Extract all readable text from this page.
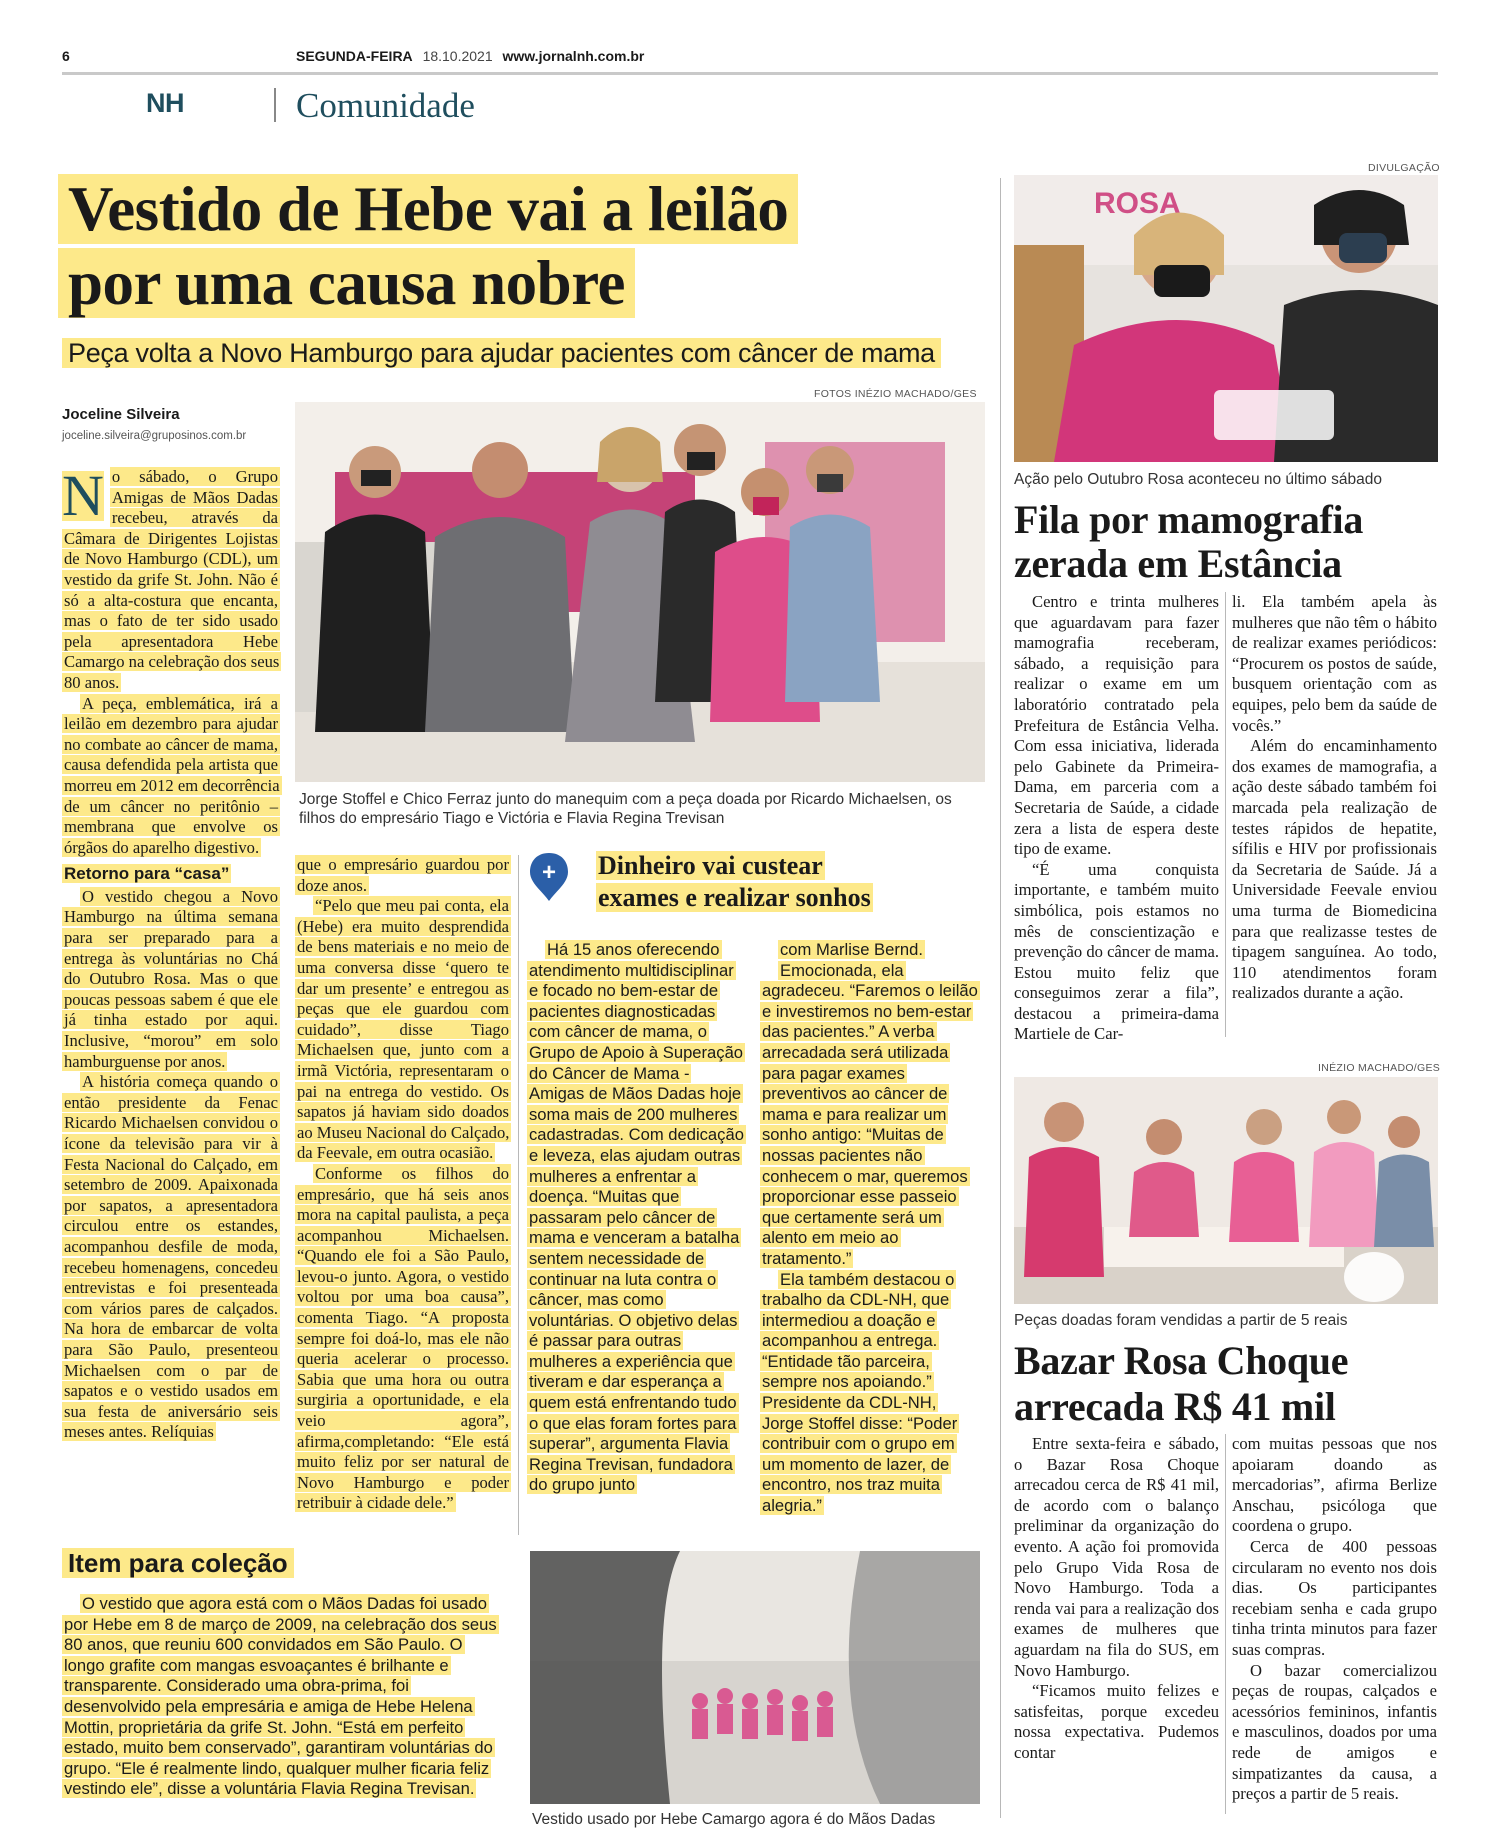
6	SEGUNDA-FEIRA 18.10.2021 www.jornalnh.com.br
NH	Comunidade
Vestido de Hebe vai a leilão
por uma causa nobre
Peça volta a Novo Hamburgo para ajudar pacientes com câncer de mama
FOTOS INÉZIO MACHADO/GES
Joceline Silveira
joceline.silveira@gruposinos.com.br
Jorge Stoffel e Chico Ferraz junto do manequim com a peça doada por Ricardo Michaelsen, os filhos do empresário Tiago e Victória e Flavia Regina Trevisan

N o sábado, o Grupo Amigas de Mãos Dadas recebeu, através da Câmara de Dirigentes Lojistas de Novo Hamburgo (CDL), um vestido da grife St. John. Não é só a alta-costura que encanta, mas o fato de ter sido usado pela apresentadora Hebe Camargo na celebração dos seus 80 anos.

A peça, emblemática, irá a leilão em dezembro para ajudar no combate ao câncer de mama, causa defendida pela artista que morreu em 2012 em decorrência de um câncer no peritônio – membrana que envolve os órgãos do aparelho digestivo.

Retorno para “casa”

O vestido chegou a Novo Hamburgo na última semana para ser preparado para a entrega às voluntárias no Chá do Outubro Rosa. Mas o que poucas pessoas sabem é que ele já tinha estado por aqui. Inclusive, “morou” em solo hamburguense por anos.

A história começa quando o então presidente da Fenac Ricardo Michaelsen convidou o ícone da televisão para vir à Festa Nacional do Calçado, em setembro de 2009. Apaixonada por sapatos, a apresentadora circulou entre os estandes, acompanhou desfile de moda, recebeu homenagens, concedeu entrevistas e foi presenteada com vários pares de calçados. Na hora de embarcar de volta para São Paulo, presenteou Michaelsen com o par de sapatos e o vestido usados em sua festa de aniversário seis meses antes. Relíquias

que o empresário guardou por doze anos.

“Pelo que meu pai conta, ela (Hebe) era muito desprendida de bens materiais e no meio de uma conversa disse ‘quero te dar um presente’ e entregou as peças que ele guardou com cuidado”, disse Tiago Michaelsen que, junto com a irmã Victória, representaram o pai na entrega do vestido. Os sapatos já haviam sido doados ao Museu Nacional do Calçado, da Feevale, em outra ocasião.

Conforme os filhos do empresário, que há seis anos mora na capital paulista, a peça acompanhou Michaelsen. “Quando ele foi a São Paulo, levou-o junto. Agora, o vestido voltou por uma boa causa”, comenta Tiago. “A proposta sempre foi doá-lo, mas ele não queria acelerar o processo. Sabia que uma hora ou outra surgiria a oportunidade, e ela veio agora”, afirma,completando: “Ele está muito feliz por ser natural de Novo Hamburgo e poder retribuir à cidade dele.”

+ Dinheiro vai custear
exames e realizar sonhos

Há 15 anos oferecendo atendimento multidisciplinar e focado no bem-estar de pacientes diagnosticadas com câncer de mama, o Grupo de Apoio à Superação do Câncer de Mama - Amigas de Mãos Dadas hoje soma mais de 200 mulheres cadastradas. Com dedicação e leveza, elas ajudam outras mulheres a enfrentar a doença. “Muitas que passaram pelo câncer de mama e venceram a batalha sentem necessidade de continuar na luta contra o câncer, mas como voluntárias. O objetivo delas é passar para outras mulheres a experiência que tiveram e dar esperança a quem está enfrentando tudo o que elas foram fortes para superar”, argumenta Flavia Regina Trevisan, fundadora do grupo junto

com Marlise Bernd.

Emocionada, ela agradeceu. “Faremos o leilão e investiremos no bem-estar das pacientes.” A verba arrecadada será utilizada para pagar exames preventivos ao câncer de mama e para realizar um sonho antigo: “Muitas de nossas pacientes não conhecem o mar, queremos proporcionar esse passeio que certamente será um alento em meio ao tratamento.”

Ela também destacou o trabalho da CDL-NH, que intermediou a doação e acompanhou a entrega. “Entidade tão parceira, sempre nos apoiando.” Presidente da CDL-NH, Jorge Stoffel disse: “Poder contribuir com o grupo em um momento de lazer, de encontro, nos traz muita alegria.”

Item para coleção

O vestido que agora está com o Mãos Dadas foi usado por Hebe em 8 de março de 2009, na celebração dos seus 80 anos, que reuniu 600 convidados em São Paulo. O longo grafite com mangas esvoaçantes é brilhante e transparente. Considerado uma obra-prima, foi desenvolvido pela empresária e amiga de Hebe Helena Mottin, proprietária da grife St. John. “Está em perfeito estado, muito bem conservado”, garantiram voluntárias do grupo. “Ele é realmente lindo, qualquer mulher ficaria feliz vestindo ele”, disse a voluntária Flavia Regina Trevisan.

Vestido usado por Hebe Camargo agora é do Mãos Dadas
DIVULGAÇÃO
ROSA
Ação pelo Outubro Rosa aconteceu no último sábado
Fila por mamografia
zerada em Estância

Centro e trinta mulheres que aguardavam para fazer mamografia receberam, sábado, a requisição para realizar o exame em um laboratório contratado pela Prefeitura de Estância Velha. Com essa iniciativa, liderada pelo Gabinete da Primeira-Dama, em parceria com a Secretaria de Saúde, a cidade zera a lista de espera deste tipo de exame.

“É uma conquista importante, e também muito simbólica, pois estamos no mês de conscientização e prevenção do câncer de mama. Estou muito feliz que conseguimos zerar a fila”, destacou a primeira-dama Martiele de Car-

li. Ela também apela às mulheres que não têm o hábito de realizar exames periódicos: “Procurem os postos de saúde, busquem orientação com as equipes, pelo bem da saúde de vocês.”

Além do encaminhamento dos exames de mamografia, a ação deste sábado também foi marcada pela realização de testes rápidos de hepatite, sífilis e HIV por profissionais da Secretaria de Saúde. Já a Universidade Feevale enviou uma turma de Biomedicina para que realizasse testes de tipagem sanguínea. Ao todo, 110 atendimentos foram realizados durante a ação.

INÉZIO MACHADO/GES
Peças doadas foram vendidas a partir de 5 reais
Bazar Rosa Choque
arrecada R$ 41 mil

Entre sexta-feira e sábado, o Bazar Rosa Choque arrecadou cerca de R$ 41 mil, de acordo com o balanço preliminar da organização do evento. A ação foi promovida pelo Grupo Vida Rosa de Novo Hamburgo. Toda a renda vai para a realização dos exames de mulheres que aguardam na fila do SUS, em Novo Hamburgo.

“Ficamos muito felizes e satisfeitas, porque excedeu nossa expectativa. Pudemos contar

com muitas pessoas que nos apoiaram doando as mercadorias”, afirma Berlize Anschau, psicóloga que coordena o grupo.

Cerca de 400 pessoas circularam no evento nos dois dias. Os participantes recebiam senha e cada grupo tinha trinta minutos para fazer suas compras.

O bazar comercializou peças de roupas, calçados e acessórios femininos, infantis e masculinos, doados por uma rede de amigos e simpatizantes da causa, a preços a partir de 5 reais.
